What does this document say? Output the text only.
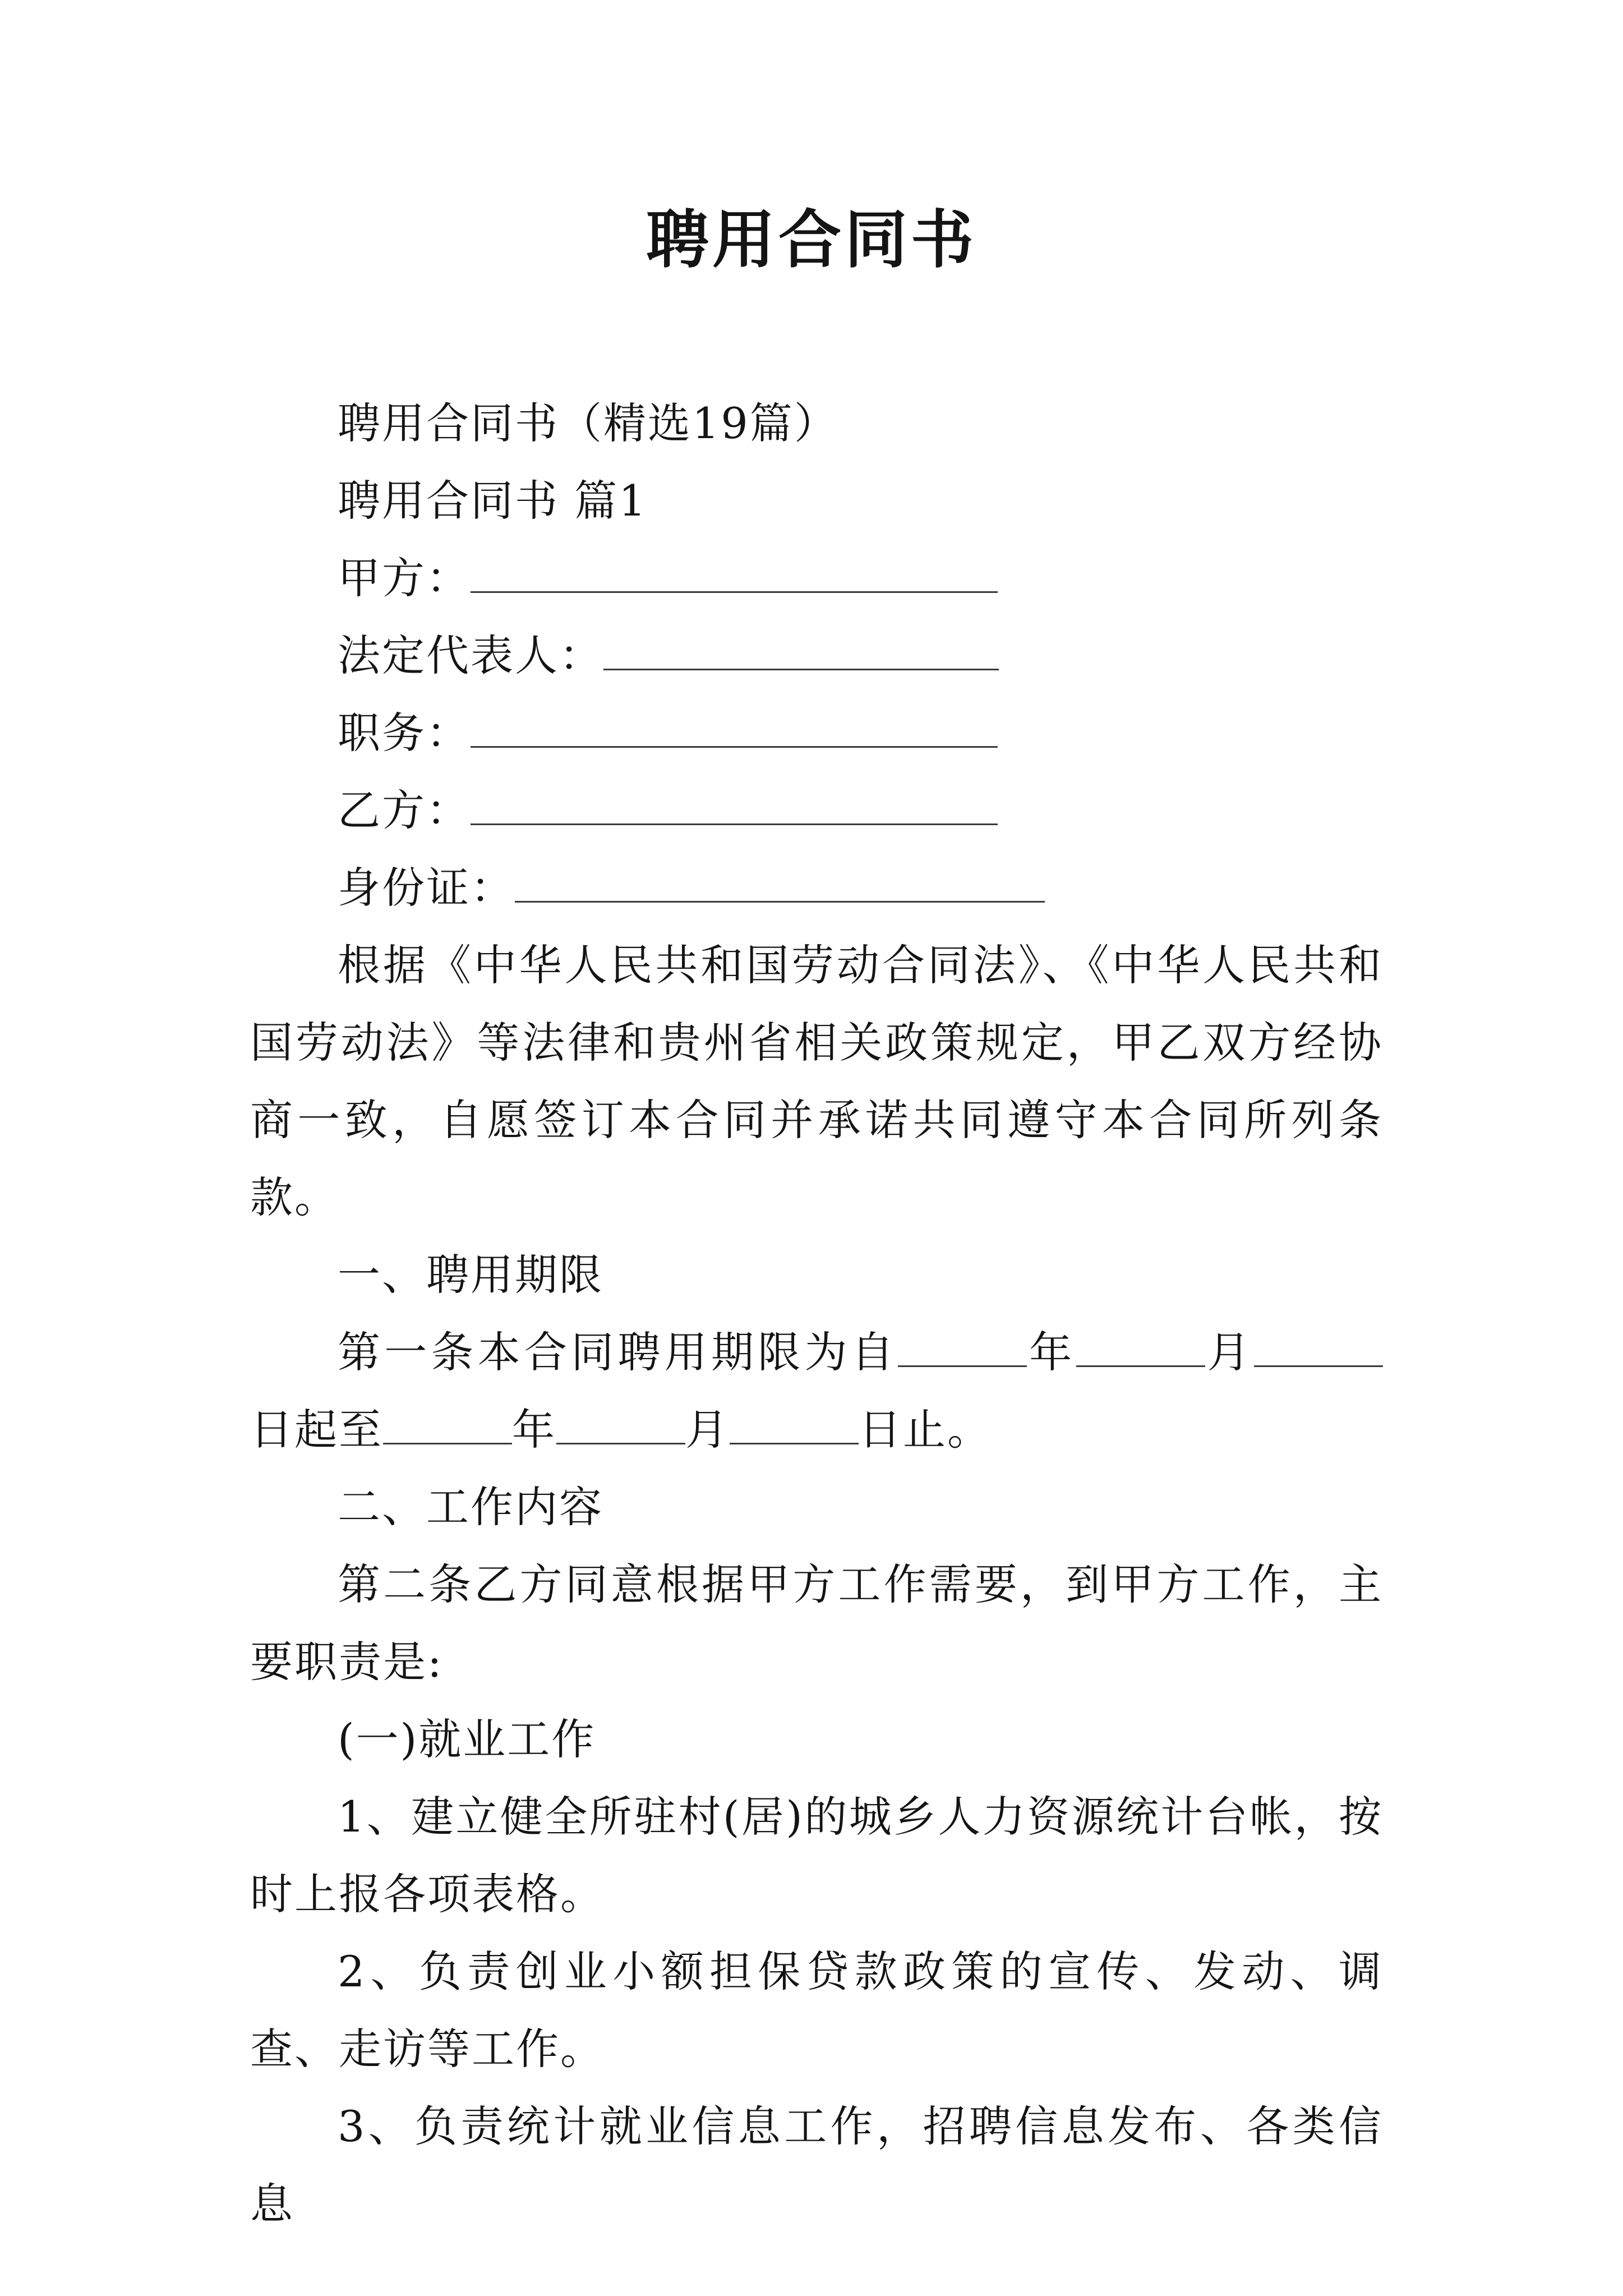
聘用合同书
聘用合同书（精选19篇）
聘用合同书 篇1
甲方：
法定代表人：
职务：
乙方：
身份证：
根据《中华人民共和国劳动合同法》、《中华人民共和国劳动法》等法律和贵州省相关政策规定，甲乙双方经协商一致，自愿签订本合同并承诺共同遵守本合同所列条款。
一、聘用期限
第一条本合同聘用期限为自	年	月日起至	年	月	日止。
二、工作内容
第二条乙方同意根据甲方工作需要，到甲方工作，主要职责是:
(一)就业工作
1、建立健全所驻村(居)的城乡人力资源统计台帐，按时上报各项表格。
2、负责创业小额担保贷款政策的宣传、发动、调查、走访等工作。
3、负责统计就业信息工作，招聘信息发布、各类信息
